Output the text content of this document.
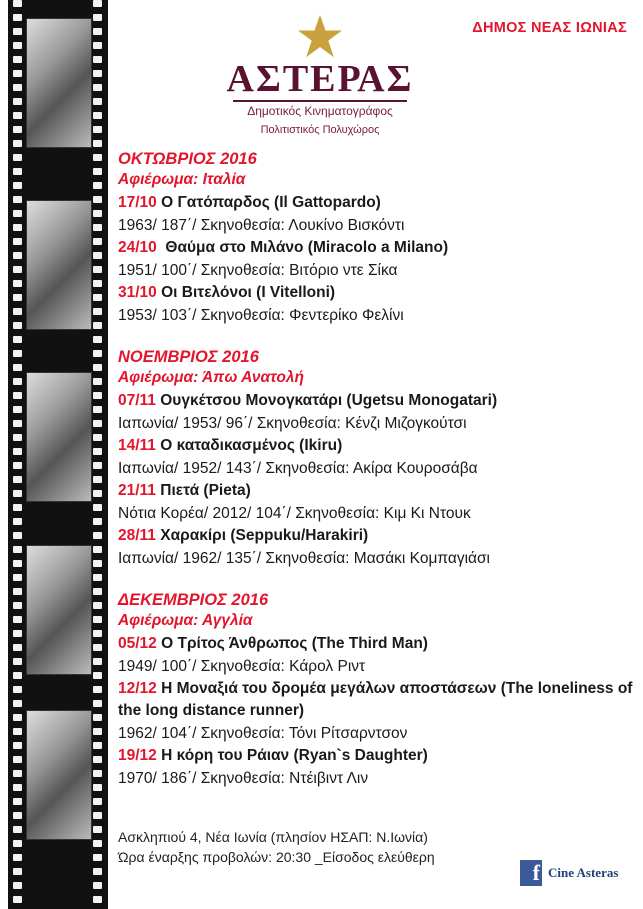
ΔΗΜΟΣ ΝΕΑΣ ΙΩΝΙΑΣ
ΑΣΤΕΡΑΣ
Δημοτικός Κινηματογράφος
Πολιτιστικός Πολυχώρος
ΟΚΤΩΒΡΙΟΣ 2016
Αφιέρωμα: Ιταλία
17/10 Ο Γατόπαρδος (Il Gattopardo)
1963/ 187΄/ Σκηνοθεσία: Λουκίνο Βισκόντι
24/10 Θαύμα στο Μιλάνο (Miracolo a Milano)
1951/ 100΄/ Σκηνοθεσία: Βιτόριο ντε Σίκα
31/10 Οι Βιτελόνοι (I Vitelloni)
1953/ 103΄/ Σκηνοθεσία: Φεντερίκο Φελίνι
ΝΟΕΜΒΡΙΟΣ 2016
Αφιέρωμα: Άπω Ανατολή
07/11 Ουγκέτσου Μονογκατάρι (Ugetsu Monogatari)
Ιαπωνία/ 1953/ 96΄/ Σκηνοθεσία: Κένζι Μιζογκούτσι
14/11 Ο καταδικασμένος (Ikiru)
Ιαπωνία/ 1952/ 143΄/ Σκηνοθεσία: Ακίρα Κουροσάβα
21/11 Πιετά (Pieta)
Νότια Κορέα/ 2012/ 104΄/ Σκηνοθεσία: Κιμ Κι Ντουκ
28/11 Χαρακίρι (Seppuku/Harakiri)
Ιαπωνία/ 1962/ 135΄/ Σκηνοθεσία: Μασάκι Κομπαγιάσι
ΔΕΚΕΜΒΡΙΟΣ 2016
Αφιέρωμα: Αγγλία
05/12 Ο Τρίτος Άνθρωπος (The Third Man)
1949/ 100΄/ Σκηνοθεσία: Κάρολ Ριντ
12/12 Η Μοναξιά του δρομέα μεγάλων αποστάσεων (The loneliness of the long distance runner)
1962/ 104΄/ Σκηνοθεσία: Τόνι Ρίτσαρντσον
19/12 Η κόρη του Ράιαν (Ryan`s Daughter)
1970/ 186΄/ Σκηνοθεσία: Ντέιβιντ Λιν
Ασκληπιού 4, Νέα Ιωνία (πλησίον ΗΣΑΠ: Ν.Ιωνία)
Ώρα έναρξης προβολών: 20:30 _Είσοδος ελεύθερη
f Cine Asteras
